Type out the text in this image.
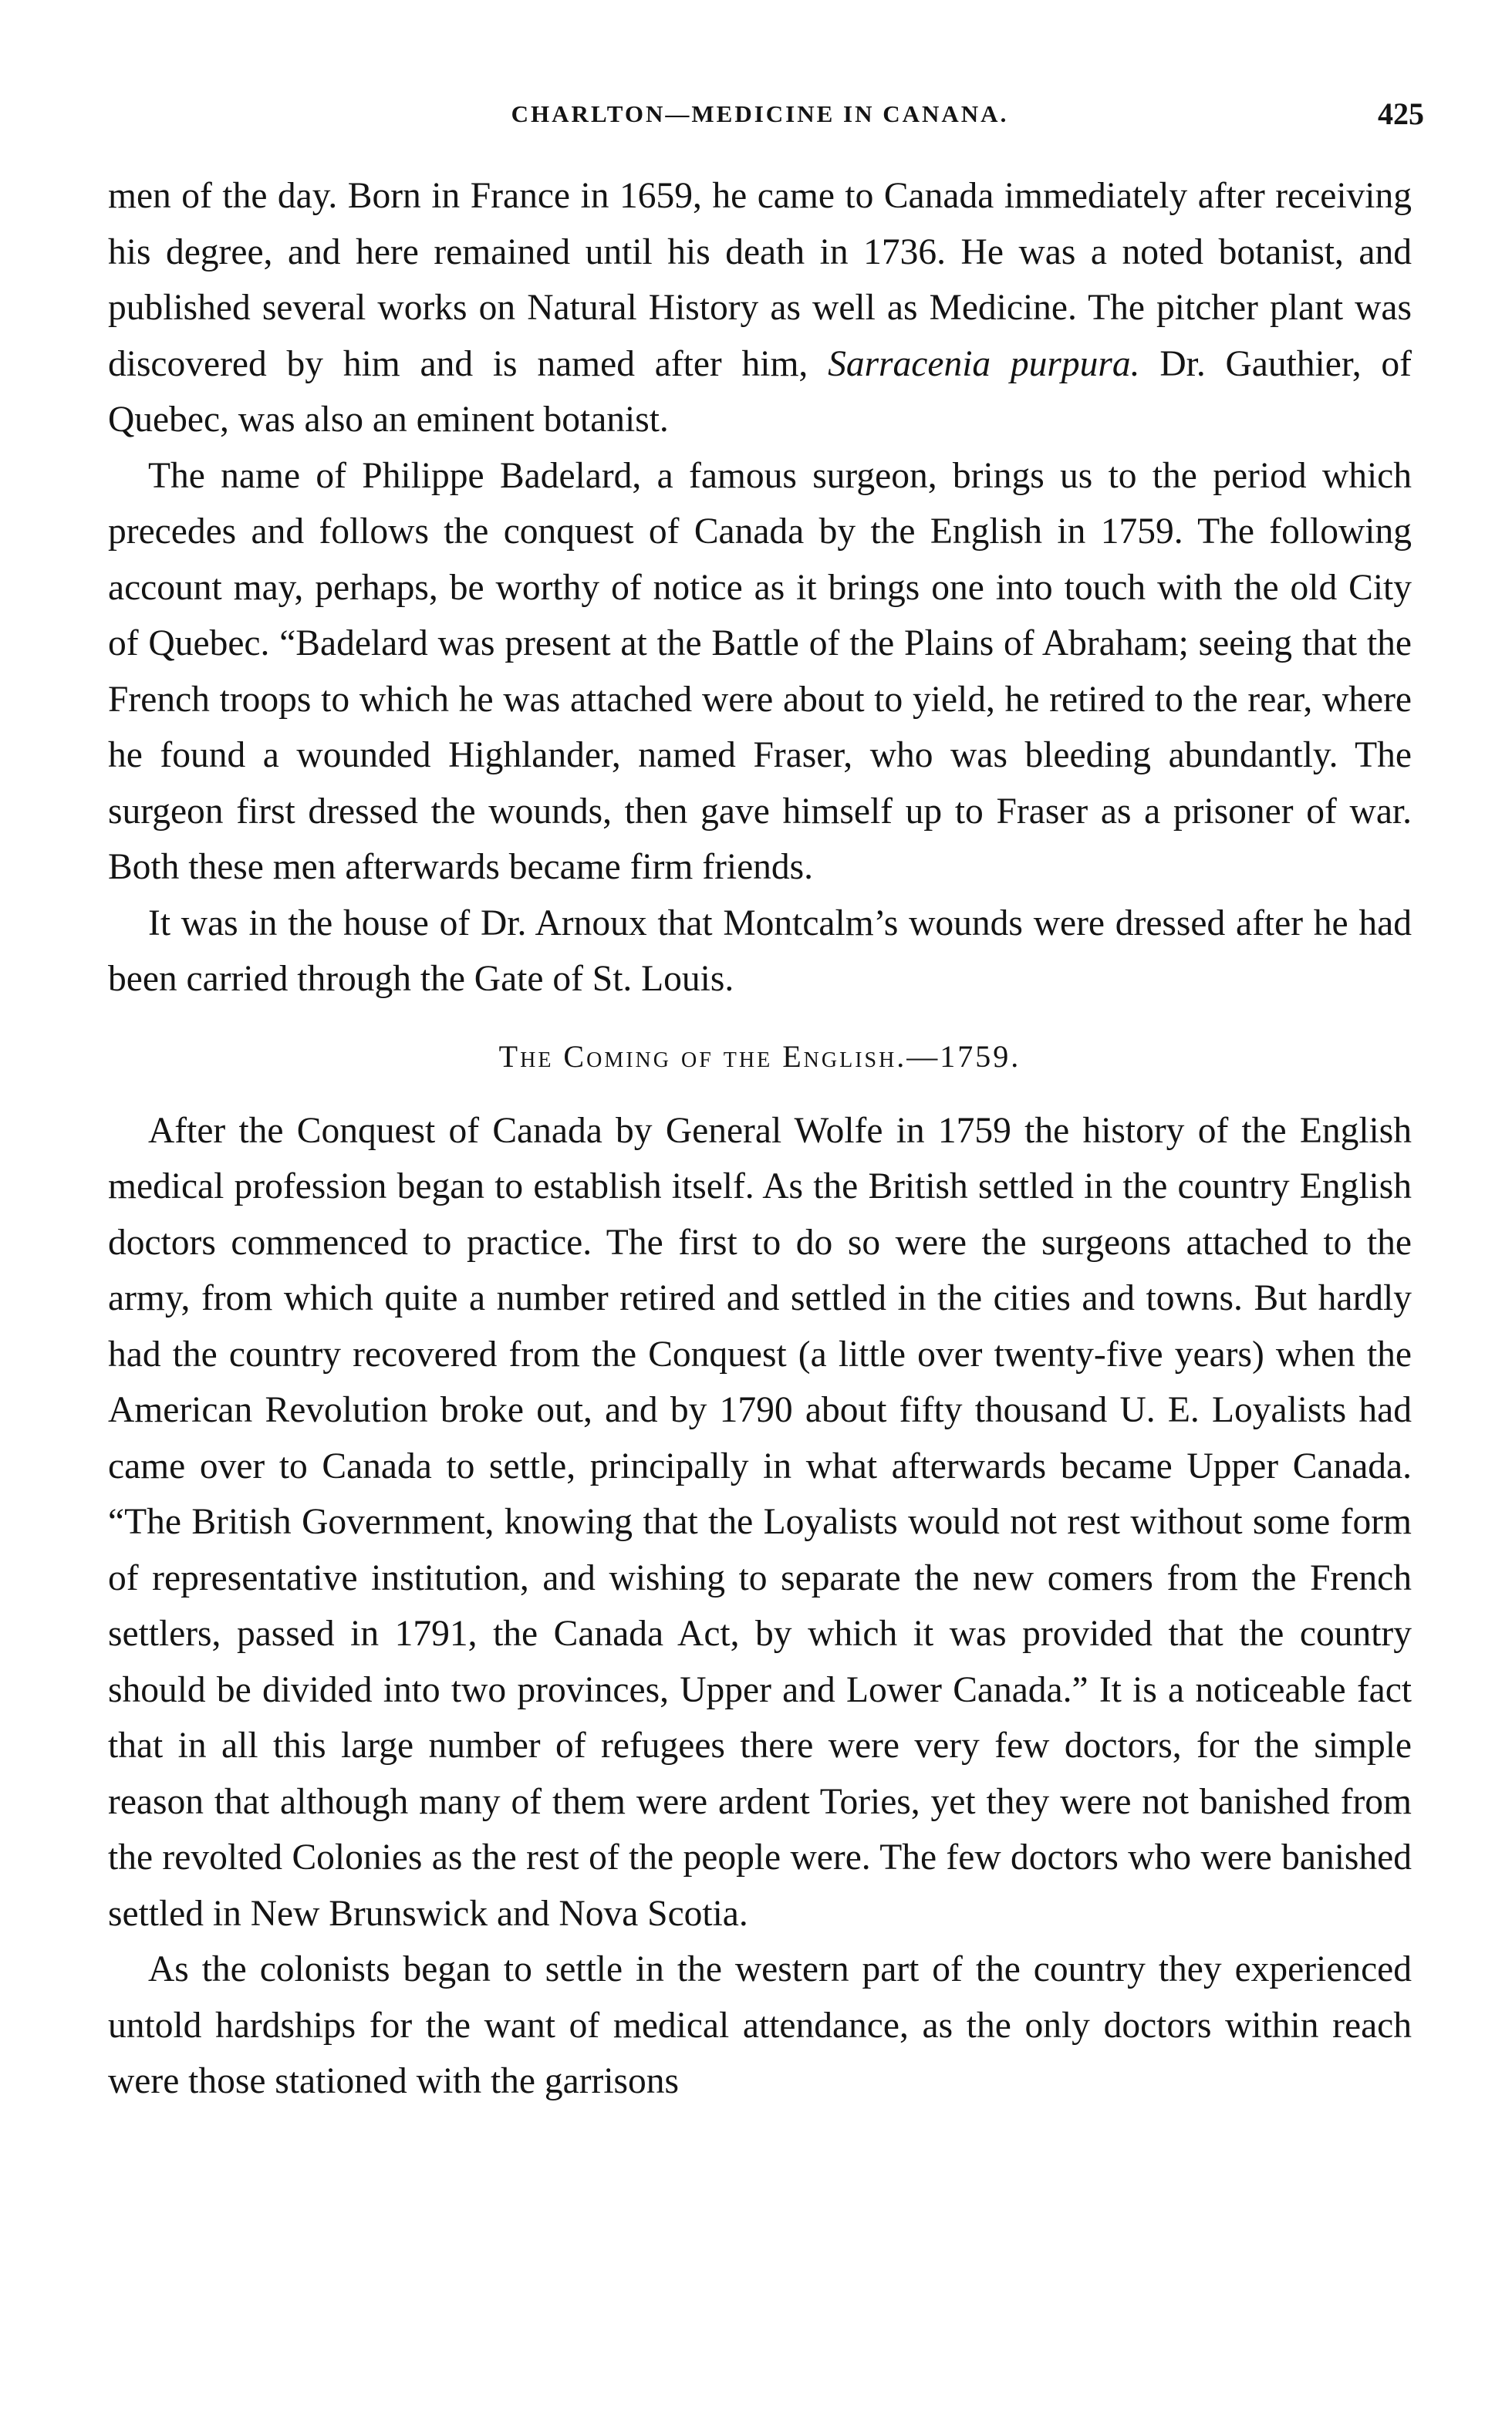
CHARLTON—MEDICINE IN CANANA.	425

men of the day. Born in France in 1659, he came to Canada immediately after receiving his degree, and here remained until his death in 1736. He was a noted botanist, and published several works on Natural History as well as Medicine. The pitcher plant was discovered by him and is named after him, Sarracenia purpura. Dr. Gauthier, of Quebec, was also an eminent botanist.

The name of Philippe Badelard, a famous surgeon, brings us to the period which precedes and follows the conquest of Canada by the English in 1759. The following account may, perhaps, be worthy of notice as it brings one into touch with the old City of Quebec. “Badelard was present at the Battle of the Plains of Abraham; seeing that the French troops to which he was attached were about to yield, he retired to the rear, where he found a wounded Highlander, named Fraser, who was bleeding abundantly. The surgeon first dressed the wounds, then gave himself up to Fraser as a prisoner of war. Both these men afterwards became firm friends.

It was in the house of Dr. Arnoux that Montcalm’s wounds were dressed after he had been carried through the Gate of St. Louis.

The Coming of the English.—1759.

After the Conquest of Canada by General Wolfe in 1759 the history of the English medical profession began to establish itself. As the British settled in the country English doctors commenced to practice. The first to do so were the surgeons attached to the army, from which quite a number retired and settled in the cities and towns. But hardly had the country recovered from the Conquest (a little over twenty-five years) when the American Revolution broke out, and by 1790 about fifty thousand U. E. Loyalists had came over to Canada to settle, principally in what afterwards became Upper Canada. “The British Government, knowing that the Loyalists would not rest without some form of representative institution, and wishing to separate the new comers from the French settlers, passed in 1791, the Canada Act, by which it was provided that the country should be divided into two provinces, Upper and Lower Canada.” It is a noticeable fact that in all this large number of refugees there were very few doctors, for the simple reason that although many of them were ardent Tories, yet they were not banished from the revolted Colonies as the rest of the people were. The few doctors who were banished settled in New Brunswick and Nova Scotia.

As the colonists began to settle in the western part of the country they experienced untold hardships for the want of medical attendance, as the only doctors within reach were those stationed with the garrisons
